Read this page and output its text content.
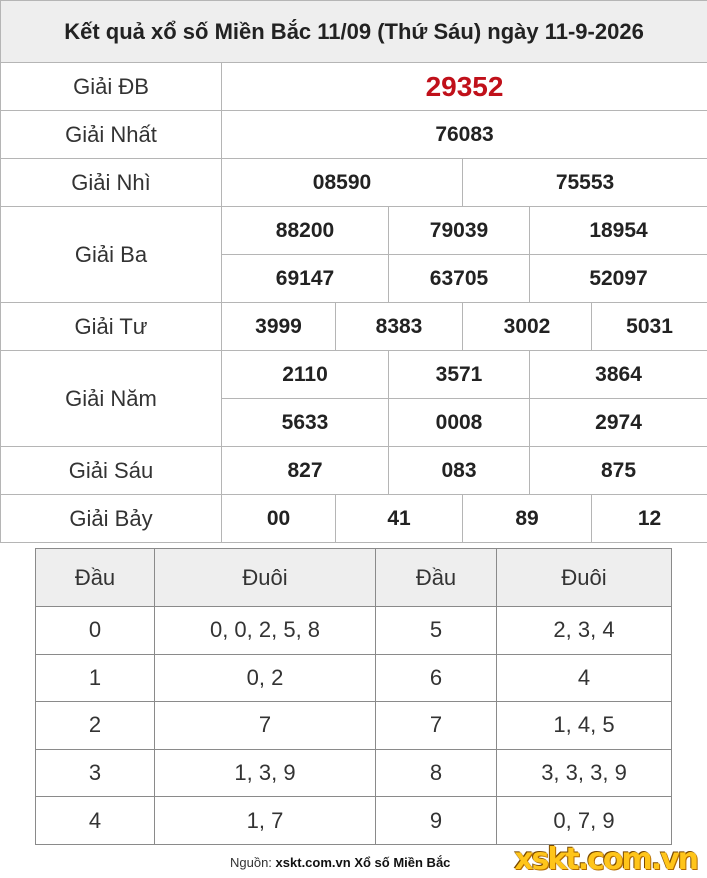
Kết quả xổ số Miền Bắc 11/09 (Thứ Sáu) ngày 11-9-2026						
Giải ĐB	29352					
Giải Nhất	76083					
Giải Nhì	08590			75553		
Giải Ba	88200		79039		18954	
	69147		63705		52097	
Giải Tư	3999	8383		3002		5031
Giải Năm	2110		3571		3864	
	5633		0008		2974	
Giải Sáu	827		083		875	
Giải Bảy	00	41		89		12
Đầu	Đuôi	Đầu	Đuôi
0	0, 0, 2, 5, 8	5	2, 3, 4
1	0, 2	6	4
2	7	7	1, 4, 5
3	1, 3, 9	8	3, 3, 3, 9
4	1, 7	9	0, 7, 9
Nguồn: xskt.com.vn Xổ số Miền Bắc xskt.com.vn
